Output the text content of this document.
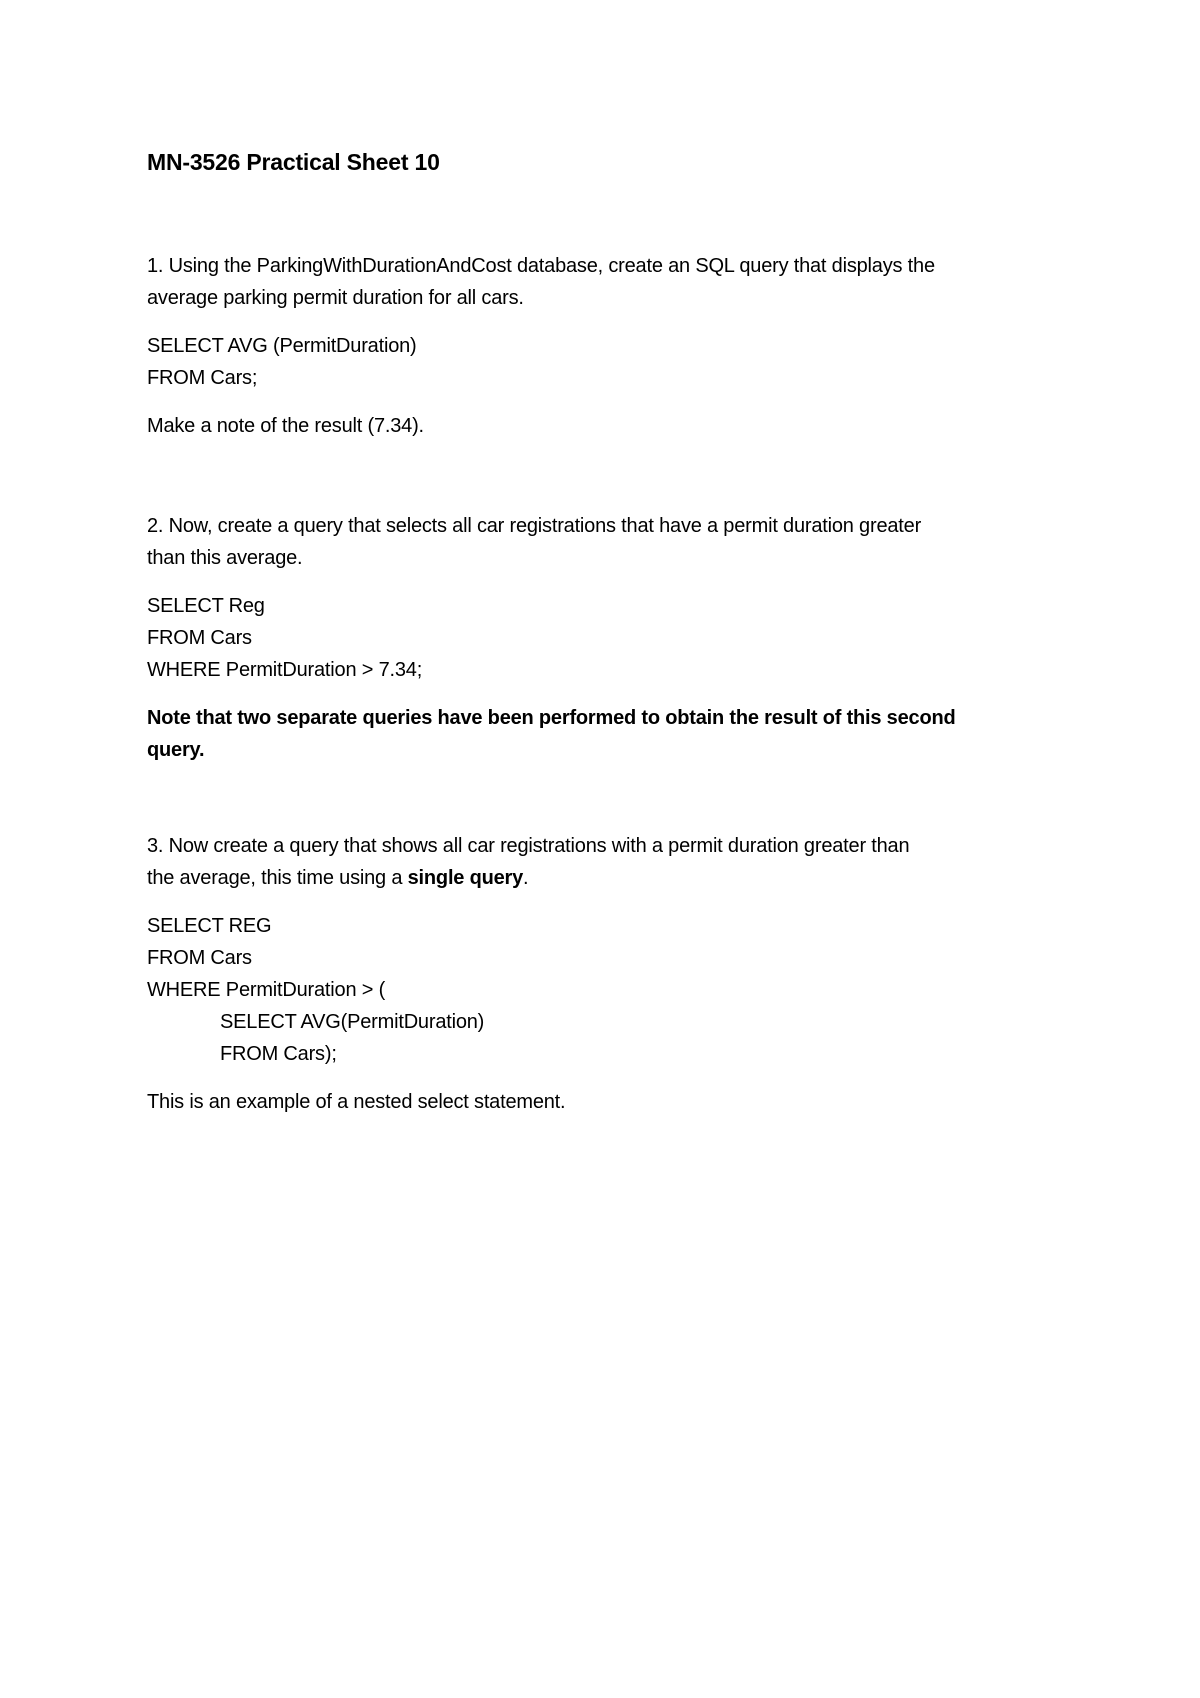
MN-3526 Practical Sheet 10

1. Using the ParkingWithDurationAndCost database, create an SQL query that displays the

average parking permit duration for all cars.

SELECT AVG (PermitDuration)

FROM Cars;

Make a note of the result (7.34).

2. Now, create a query that selects all car registrations that have a permit duration greater

than this average.

SELECT Reg

FROM Cars

WHERE PermitDuration > 7.34;

Note that two separate queries have been performed to obtain the result of this second

query.

3. Now create a query that shows all car registrations with a permit duration greater than

the average, this time using a single query.

SELECT REG

FROM Cars

WHERE PermitDuration > (

SELECT AVG(PermitDuration)

FROM Cars);

This is an example of a nested select statement.
